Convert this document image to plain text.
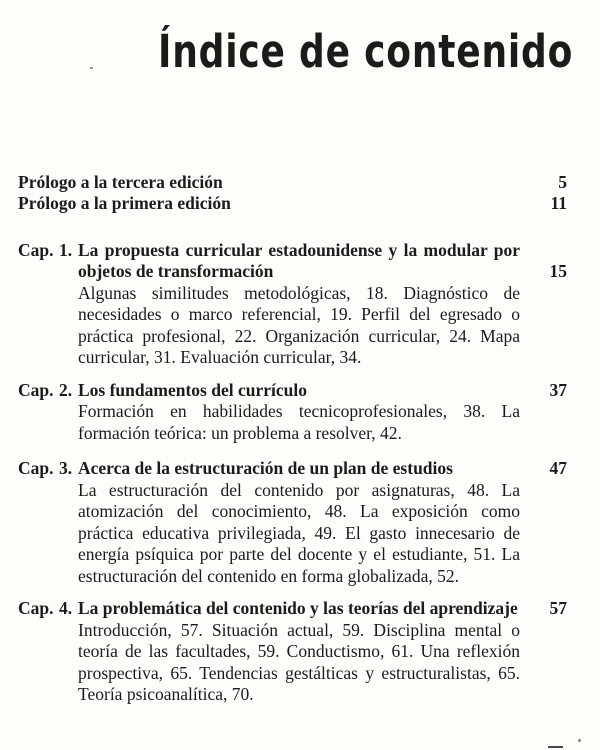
Índice de contenido
Prólogo a la tercera edición	5
Prólogo a la primera edición	11
Cap. 1. La propuesta curricular estadounidense y la modular por objetos de transformación	15
Algunas similitudes metodológicas, 18. Diagnóstico de necesidades o marco referencial, 19. Perfil del egresado o práctica profesional, 22. Organización curricular, 24. Mapa curricular, 31. Evaluación curricular, 34.
Cap. 2. Los fundamentos del currículo	37
Formación en habilidades tecnicoprofesionales, 38. La formación teórica: un problema a resolver, 42.
Cap. 3. Acerca de la estructuración de un plan de estudios	47
La estructuración del contenido por asignaturas, 48. La atomización del conocimiento, 48. La exposición como práctica educativa privilegiada, 49. El gasto innecesario de energía psíquica por parte del docente y el estudiante, 51. La estructuración del contenido en forma globalizada, 52.
Cap. 4. La problemática del contenido y las teorías del aprendizaje	57
Introducción, 57. Situación actual, 59. Disciplina mental o teoría de las facultades, 59. Conductismo, 61. Una reflexión prospectiva, 65. Tendencias gestálticas y estructuralistas, 65. Teoría psicoanalítica, 70.
